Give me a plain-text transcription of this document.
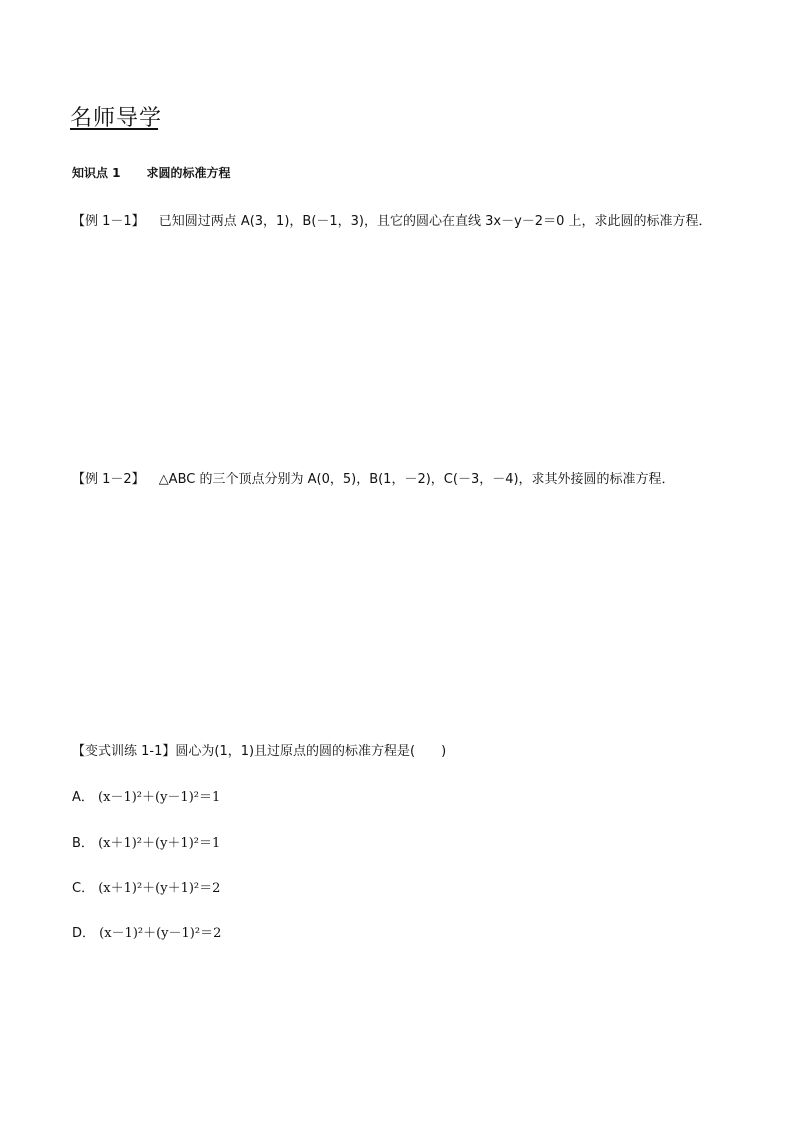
名师导学
知识点 1 求圆的标准方程
【例 1－1】 已知圆过两点 A(3，1)，B(－1，3)，且它的圆心在直线 3x－y－2＝0 上，求此圆的标准方程．
【例 1－2】 △ABC 的三个顶点分别为 A(0，5)，B(1，－2)，C(－3，－4)，求其外接圆的标准方程．
【变式训练 1-1】圆心为(1，1)且过原点的圆的标准方程是(　　)
A． (x－1)²＋(y－1)²＝1
B． (x＋1)²＋(y＋1)²＝1
C． (x＋1)²＋(y＋1)²＝2
D． (x－1)²＋(y－1)²＝2
